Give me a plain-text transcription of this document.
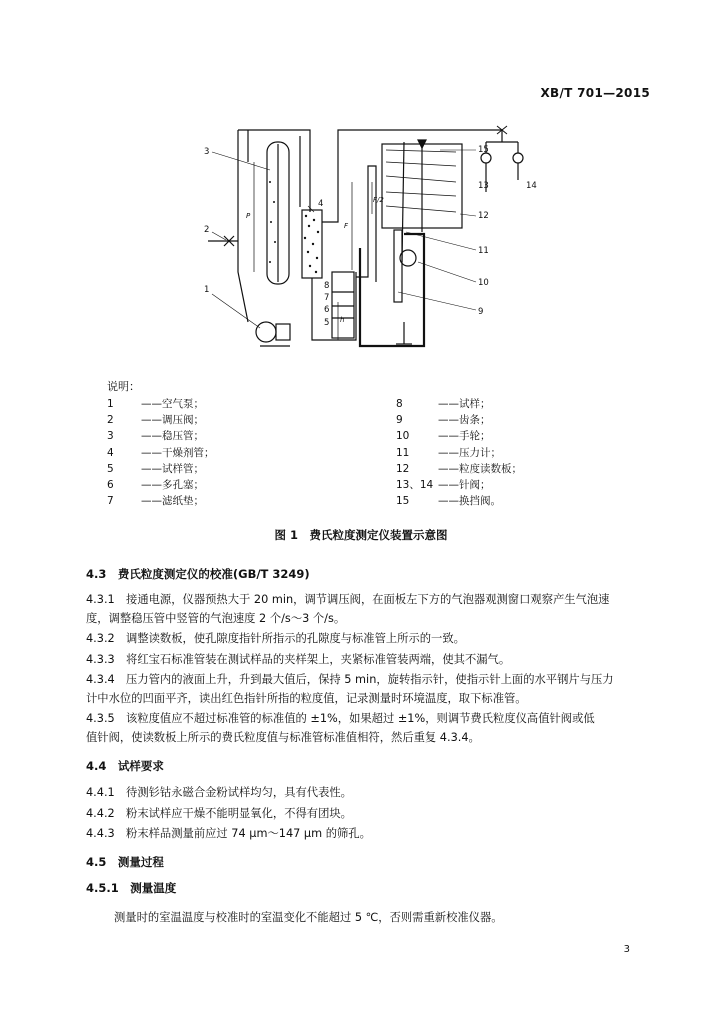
XB/T 701—2015
3
2
1
4
8
7
6
5
15
13	14
12
11
10
9
P
F
F/2
h
说明：
1	—— 空气泵；
2	—— 调压阀；
3	—— 稳压管；
4	—— 干燥剂管；
5	—— 试样管；
6	—— 多孔塞；
7	—— 滤纸垫；
8	——试样；
9	——齿条；
10	——手轮；
11	——压力计；
12	——粒度读数板；
13、14 ——针阀；
15	——换挡阀。
图 1　费氏粒度测定仪装置示意图
4.3　费氏粒度测定仪的校准(GB/T 3249)
4.3.1　接通电源，仪器预热大于 20 min，调节调压阀，在面板左下方的气泡器观测窗口观察产生气泡速
度，调整稳压管中竖管的气泡速度 2 个/s～3 个/s。
4.3.2　调整读数板，使孔隙度指针所指示的孔隙度与标准管上所示的一致。
4.3.3　将红宝石标准管装在测试样品的夹样架上，夹紧标准管装两端，使其不漏气。
4.3.4　压力管内的液面上升，升到最大值后，保持 5 min，旋转指示针，使指示针上面的水平钢片与压力
计中水位的凹面平齐，读出红色指针所指的粒度值，记录测量时环境温度，取下标准管。
4.3.5　该粒度值应不超过标准管的标准值的 ±1%，如果超过 ±1%，则调节费氏粒度仪高值针阀或低
值针阀，使读数板上所示的费氏粒度值与标准管标准值相符，然后重复 4.3.4。
4.4　试样要求
4.4.1　待测钐钴永磁合金粉试样均匀，具有代表性。
4.4.2　粉末试样应干燥不能明显氧化，不得有团块。
4.4.3　粉末样品测量前应过 74 μm～147 μm 的筛孔。
4.5　测量过程
4.5.1　测量温度
测量时的室温温度与校准时的室温变化不能超过 5 ℃，否则需重新校准仪器。
3
